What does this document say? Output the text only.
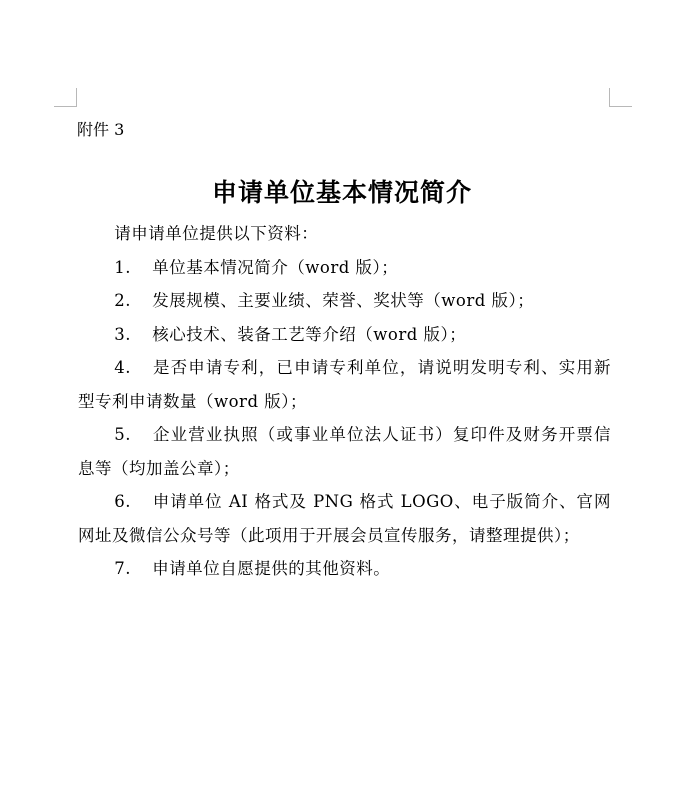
附件 3
申请单位基本情况简介

请申请单位提供以下资料：

1. 单位基本情况简介（word 版）；

2. 发展规模、主要业绩、荣誉、奖状等（word 版）；

3. 核心技术、装备工艺等介绍（word 版）；

4. 是否申请专利，已申请专利单位，请说明发明专利、实用新型专利申请数量（word 版）；

5. 企业营业执照（或事业单位法人证书）复印件及财务开票信息等（均加盖公章）；

6. 申请单位 AI 格式及 PNG 格式 LOGO、电子版简介、官网网址及微信公众号等（此项用于开展会员宣传服务，请整理提供）；

7. 申请单位自愿提供的其他资料。
